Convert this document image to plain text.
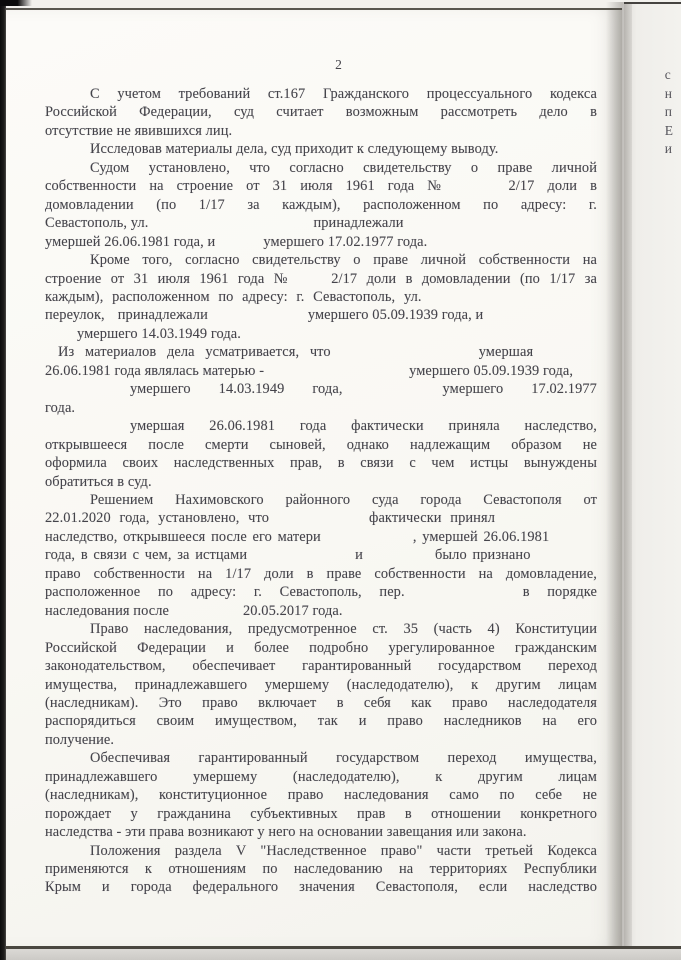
2
С учетом требований ст.167 Гражданского процессуального кодекса
Российской Федерации, суд считает возможным рассмотреть дело в
отсутствие не явившихся лиц.
Исследовав материалы дела, суд приходит к следующему выводу.
Судом установлено, что согласно свидетельству о праве личной
собственности на строение от 31 июля 1961 года №	2/17 доли в
домовладении (по 1/17 за каждым), расположенном по адресу: г.
Севастополь, ул.	принадлежали
умершей 26.06.1981 года, и	умершего 17.02.1977 года.
Кроме того, согласно свидетельству о праве личной собственности на
строение от 31 июля 1961 года №	2/17 доли в домовладении (по 1/17 за
каждым), расположенном по адресу: г. Севастополь, ул.
переулок, принадлежали	умершего 05.09.1939 года, и
умершего 14.03.1949 года.
Из материалов дела усматривается, что	умершая
26.06.1981 года являлась матерью -	умершего 05.09.1939 года,
умершего 14.03.1949 года,	умершего 17.02.1977
года.
умершая 26.06.1981 года фактически приняла наследство,
открывшееся после смерти сыновей, однако надлежащим образом не
оформила своих наследственных прав, в связи с чем истцы вынуждены
обратиться в суд.
Решением Нахимовского районного суда города Севастополя от
22.01.2020 года, установлено, что	фактически принял
наследство, открывшееся после его матери	, умершей 26.06.1981
года, в связи с чем, за истцами	и	было признано
право собственности на 1/17 доли в праве собственности на домовладение,
расположенное по адресу: г. Севастополь, пер.	в порядке
наследования после	20.05.2017 года.
Право наследования, предусмотренное ст. 35 (часть 4) Конституции
Российской Федерации и более подробно урегулированное гражданским
законодательством, обеспечивает гарантированный государством переход
имущества, принадлежавшего умершему (наследодателю), к другим лицам
(наследникам). Это право включает в себя как право наследодателя
распорядиться своим имуществом, так и право наследников на его
получение.
Обеспечивая гарантированный государством переход имущества,
принадлежавшего умершему (наследодателю), к другим лицам
(наследникам), конституционное право наследования само по себе не
порождает у гражданина субъективных прав в отношении конкретного
наследства - эти права возникают у него на основании завещания или закона.
Положения раздела V "Наследственное право" части третьей Кодекса
применяются к отношениям по наследованию на территориях Республики
Крым и города федерального значения Севастополя, если наследство
с
н
п
Е
и
